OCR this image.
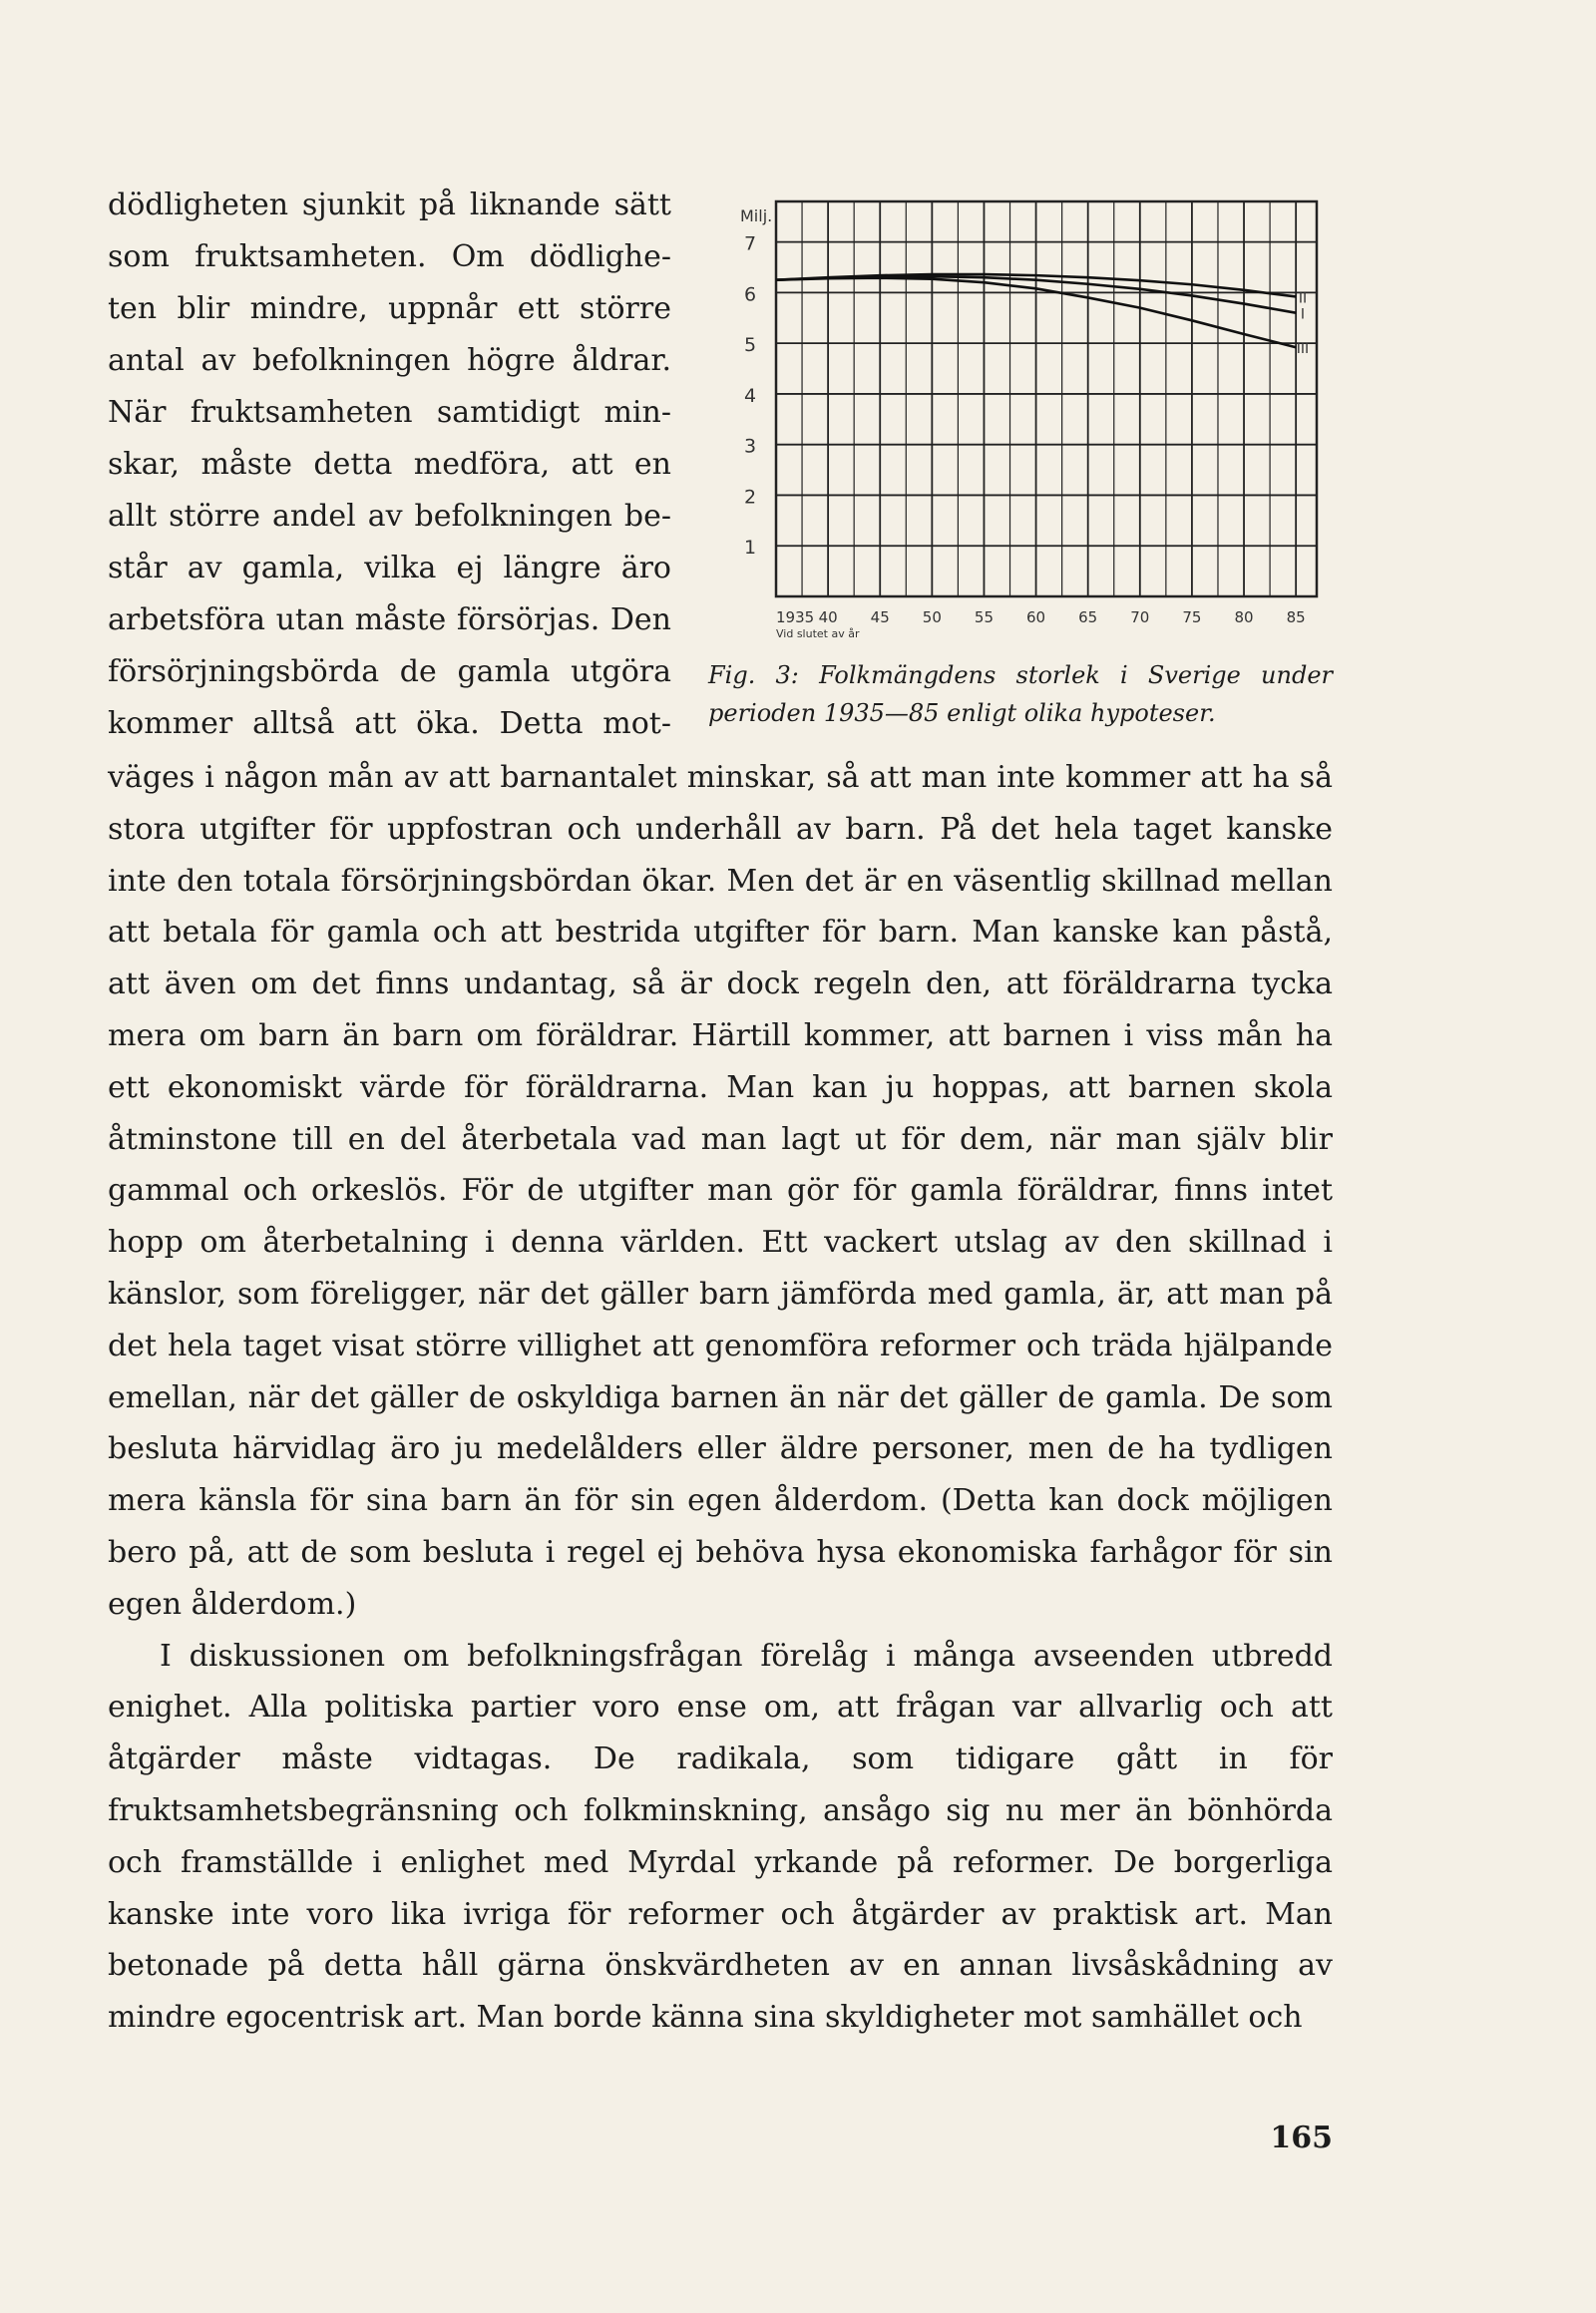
dödligheten sjunkit på liknande sätt

som fruktsamheten. Om dödlighe-

ten blir mindre, uppnår ett större

antal av befolkningen högre åldrar.

När fruktsamheten samtidigt min-

skar, måste detta medföra, att en

allt större andel av befolkningen be-

står av gamla, vilka ej längre äro

arbetsföra utan måste försörjas. Den

försörjningsbörda de gamla utgöra

kommer alltså att öka. Detta mot-

1
2
3
4
5
6
7
Milj.
1935 40 45 50 55 60 65 70 75 80 85
Vid slutet av år
II
I
III
Fig. 3: Folkmängdens storlek i Sverige under perioden 1935—85 enligt olika hypoteser.

väges i någon mån av att barnantalet minskar, så att man inte kommer att ha så stora utgifter för uppfostran och underhåll av barn. På det hela taget kanske inte den totala försörjningsbördan ökar. Men det är en väsentlig skillnad mellan att betala för gamla och att bestrida utgifter för barn. Man kanske kan påstå, att även om det finns undantag, så är dock regeln den, att föräldrarna tycka mera om barn än barn om föräldrar. Härtill kommer, att barnen i viss mån ha ett ekonomiskt värde för föräldrarna. Man kan ju hoppas, att barnen skola åtminstone till en del återbetala vad man lagt ut för dem, när man själv blir gammal och orkeslös. För de utgifter man gör för gamla föräldrar, finns intet hopp om återbetalning i denna världen. Ett vackert utslag av den skillnad i känslor, som föreligger, när det gäller barn jämförda med gamla, är, att man på det hela taget visat större villighet att genomföra reformer och träda hjälpande emellan, när det gäller de oskyldiga barnen än när det gäller de gamla. De som besluta härvidlag äro ju medelålders eller äldre personer, men de ha tydligen mera känsla för sina barn än för sin egen ålderdom. (Detta kan dock möjligen bero på, att de som besluta i regel ej behöva hysa ekonomiska farhågor för sin egen ålderdom.)

I diskussionen om befolkningsfrågan förelåg i många avseenden utbredd enighet. Alla politiska partier voro ense om, att frågan var allvarlig och att åtgärder måste vidtagas. De radikala, som tidigare gått in för fruktsamhetsbegränsning och folkminskning, ansågo sig nu mer än bönhörda och framställde i enlighet med Myrdal yrkande på reformer. De borgerliga kanske inte voro lika ivriga för reformer och åtgärder av praktisk art. Man betonade på detta håll gärna önskvärdheten av en annan livsåskådning av mindre egocentrisk art. Man borde känna sina skyldigheter mot samhället och

165
